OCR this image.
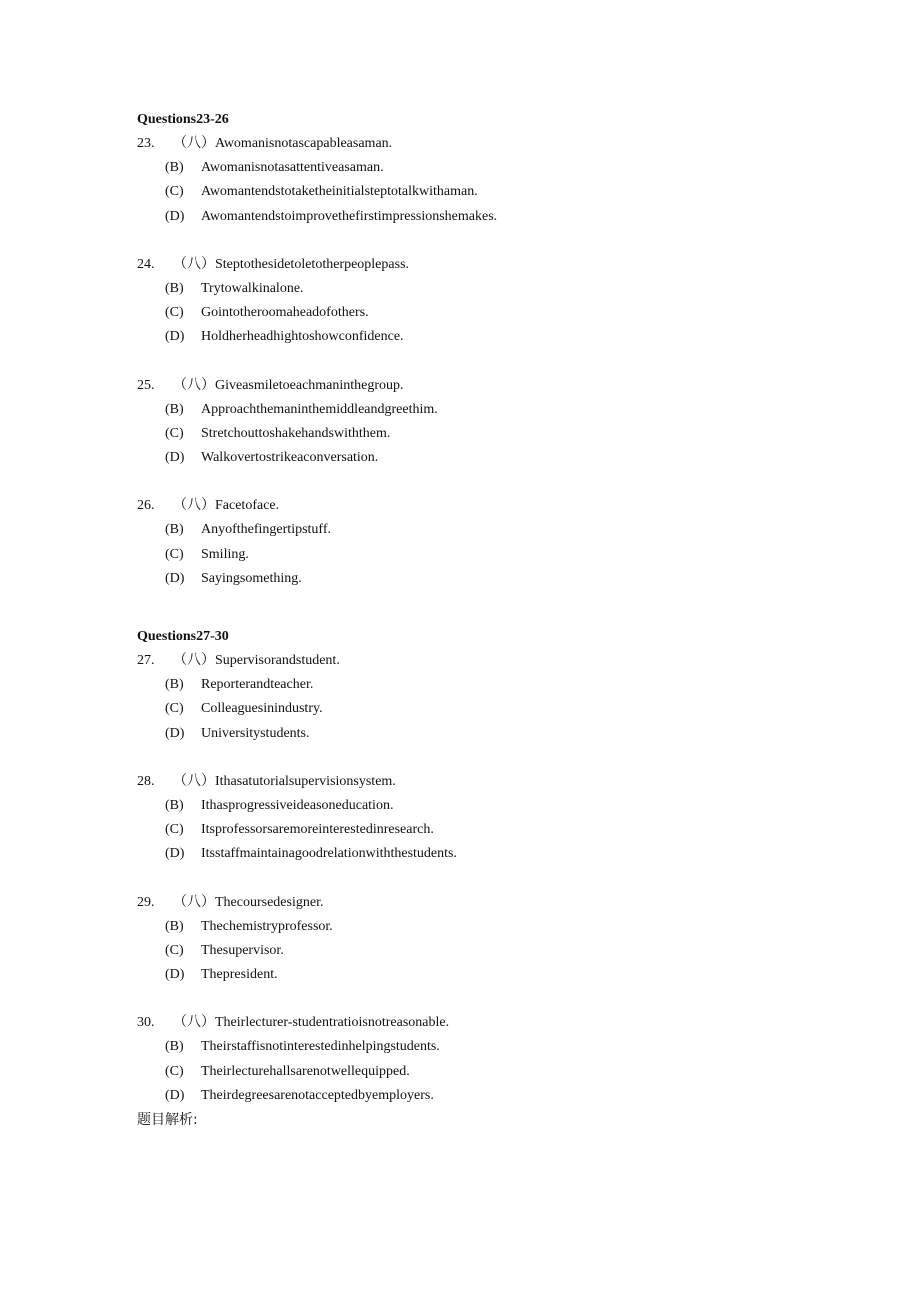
Questions23-26
23. （八）Awomanisnotascapableasaman.
(B) Awomanisnotasattentiveasaman.
(C) Awomantendstotaketheinitialsteptotalkwithaman.
(D) Awomantendstoimprovethefirstimpressionshemakes.
24. （八）Steptothesidetoletotherpeoplepass.
(B) Trytowalkinalone.
(C) Gointotheroomaheadofothers.
(D) Holdherheadhightoshowconfidence.
25. （八）Giveasmiletoeachmaninthegroup.
(B) Approachthemaninthemiddleandgreethim.
(C) Stretchouttoshakehandswiththem.
(D) Walkovertostrikeaconversation.
26. （八）Facetoface.
(B) Anyofthefingertipstuff.
(C) Smiling.
(D) Sayingsomething.
Questions27-30
27. （八）Supervisorandstudent.
(B) Reporterandteacher.
(C) Colleaguesinindustry.
(D) Universitystudents.
28. （八）Ithasatutorialsupervisionsystem.
(B) Ithasprogressiveideasoneducation.
(C) Itsprofessorsaremoreinterestedinresearch.
(D) Itsstaffmaintainagoodrelationwiththestudents.
29. （八）Thecoursedesigner.
(B) Thechemistryprofessor.
(C) Thesupervisor.
(D) Thepresident.
30. （八）Theirlecturer-studentratioisnotreasonable.
(B) Theirstaffisnotinterestedinhelpingstudents.
(C) Theirlecturehallsarenotwellequipped.
(D) Theirdegreesarenotacceptedbyemployers.
题目解析:
